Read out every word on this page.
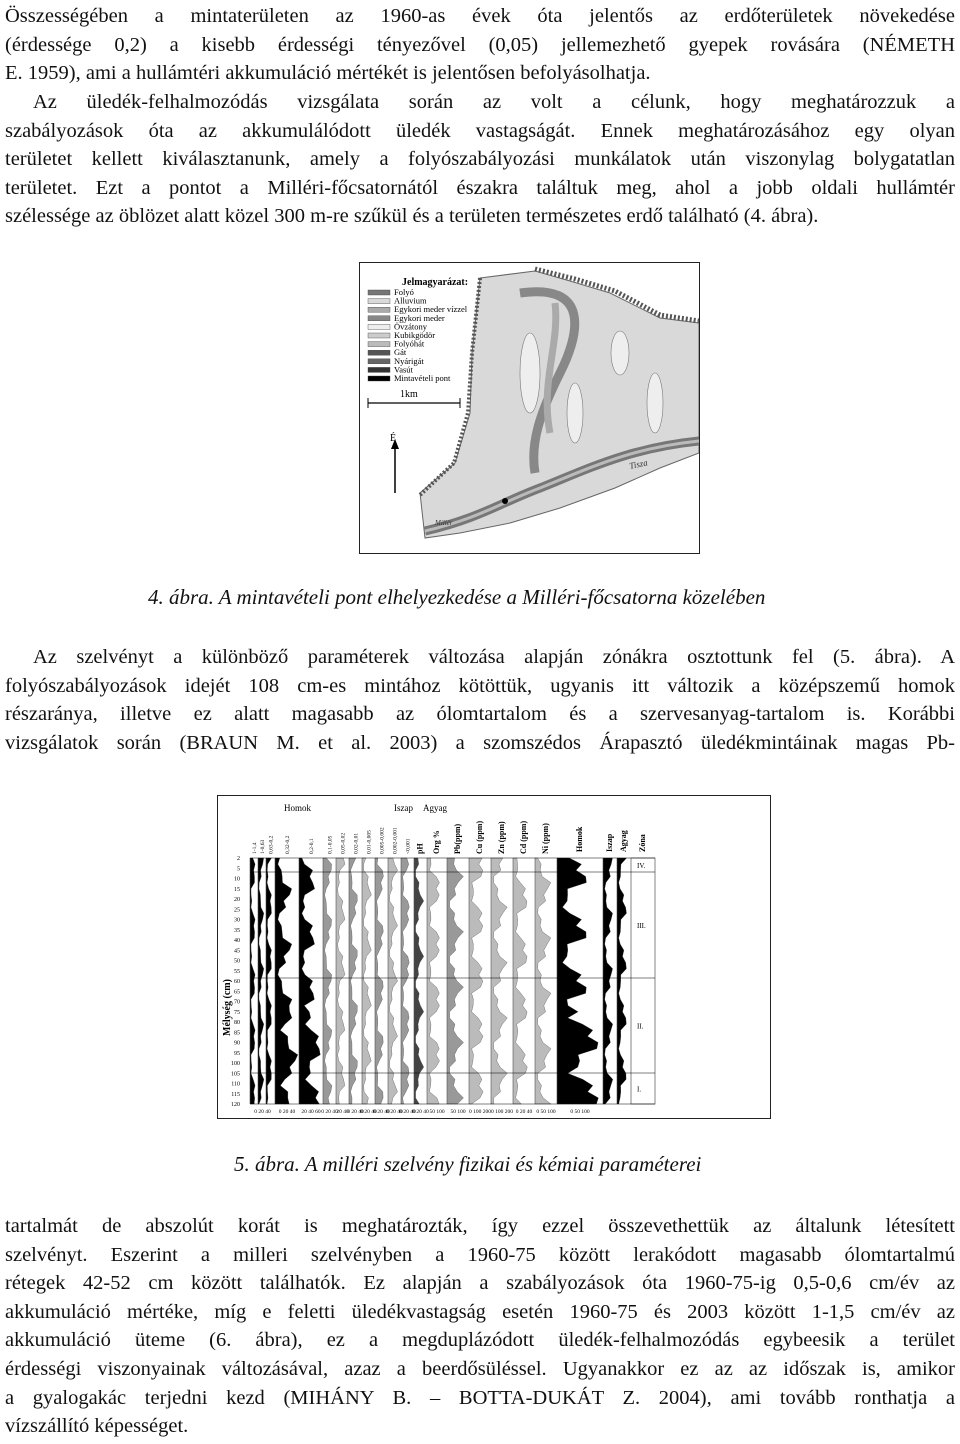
Összességében a mintaterületen az 1960-as évek óta jelentős az erdőterületek növekedése
(érdessége 0,2) a kisebb érdességi tényezővel (0,05) jellemezhető gyepek rovására (NÉMETH
E. 1959), ami a hullámtéri akkumuláció mértékét is jelentősen befolyásolhatja.
Az üledék-felhalmozódás vizsgálata során az volt a célunk, hogy meghatározzuk a
szabályozások óta az akkumulálódott üledék vastagságát. Ennek meghatározásához egy olyan
területet kellett kiválasztanunk, amely a folyószabályozási munkálatok után viszonylag bolygatatlan
területet. Ezt a pontot a Milléri-főcsatornától északra találtuk meg, ahol a jobb oldali hullámtér
szélessége az öblözet alatt közel 300 m-re szűkül és a területen természetes erdő található (4. ábra).
Tisza
Millér
Jelmagyarázat:
Folyó
Alluvium
Egykori meder vízzel
Egykori meder
Övzátony
Kubikgödör
Folyóhát
Gát
Nyárigát
Vasút
Mintavételi pont
1km
É

4. ábra. A mintavételi pont elhelyezkedése a Milléri-főcsatorna közelében

Az szelvényt a különböző paraméterek változása alapján zónákra osztottunk fel (5. ábra). A
folyószabályozások idejét 108 cm-es mintához kötöttük, ugyanis itt változik a középszemű homok
részaránya, illetve ez alatt magasabb az ólomtartalom és a szervesanyag-tartalom is. Korábbi
vizsgálatok során (BRAUN M. et al. 2003) a szomszédos Árapasztó üledékmintáinak magas Pb-
Homok	Iszap Agyag
Mélység (cm)
1-1,4 1-0,63 0,63-0,2 0,32-0,2	0,2-0,1 0,1-0,05 0,05-0,02 0,02-0,01 0,01-0,005 0,005-0,002 0,002-0,001 <0,001 pH Org % Pb(ppm) Cu (ppm) Zn (ppm) Cd (ppm) Ni (ppm)	Homok	Iszap Agyag Zóna
2
5
10
15
20
25
30
35
40
45
50
55
60
65
70
75
80
85
90
95
100
105
110
115
120
IV.
III.
II.
I.
0 20 40 0 20 40 20 40 60 0 20 40
20 40
0 20 40
0 20 40
0 20 40
0 20 40
0 20 40
0 20 40 50 100 50 100 0 100 200 0 100 200 0 20 40 0 50 100	0 50 100

5. ábra. A milléri szelvény fizikai és kémiai paraméterei

tartalmát de abszolút korát is meghatározták, így ezzel összevethettük az általunk létesített
szelvényt. Eszerint a milleri szelvényben a 1960-75 között lerakódott magasabb ólomtartalmú
rétegek 42-52 cm között találhatók. Ez alapján a szabályozások óta 1960-75-ig 0,5-0,6 cm/év az
akkumuláció mértéke, míg e feletti üledékvastagság esetén 1960-75 és 2003 között 1-1,5 cm/év az
akkumuláció üteme (6. ábra), ez a megduplázódott üledék-felhalmozódás egybeesik a terület
érdességi viszonyainak változásával, azaz a beerdősüléssel. Ugyanakkor ez az az időszak is, amikor
a gyalogakác terjedni kezd (MIHÁNY B. – BOTTA-DUKÁT Z. 2004), ami tovább ronthatja a
vízszállító képességet.
